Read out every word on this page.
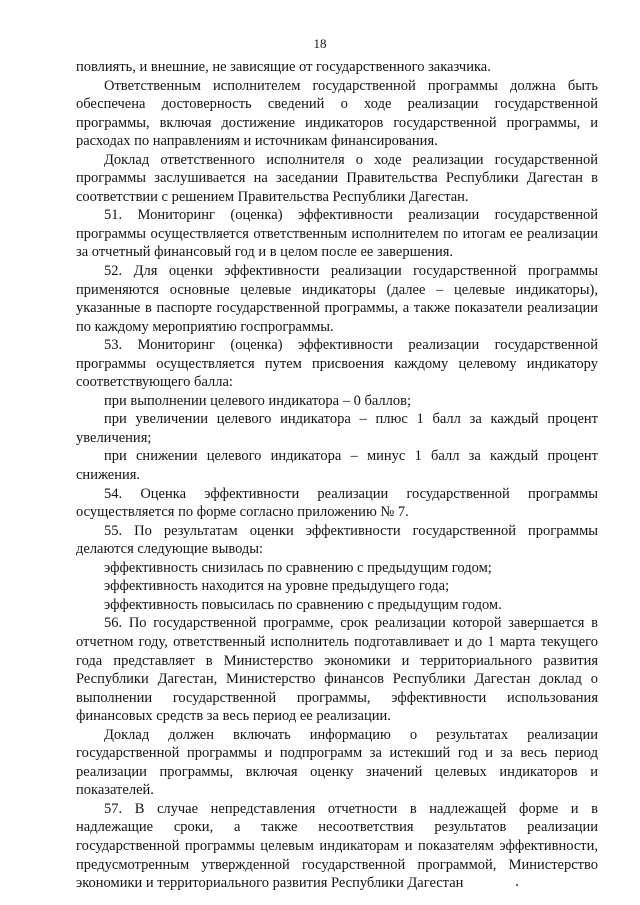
18

повлиять, и внешние, не зависящие от государственного заказчика.

Ответственным исполнителем государственной программы должна быть обеспечена достоверность сведений о ходе реализации государственной программы, включая достижение индикаторов государственной программы, и расходах по направлениям и источникам финансирования.

Доклад ответственного исполнителя о ходе реализации государственной программы заслушивается на заседании Правительства Республики Дагестан в соответствии с решением Правительства Республики Дагестан.

51. Мониторинг (оценка) эффективности реализации государственной программы осуществляется ответственным исполнителем по итогам ее реализации за отчетный финансовый год и в целом после ее завершения.

52. Для оценки эффективности реализации государственной программы применяются основные целевые индикаторы (далее – целевые индикаторы), указанные в паспорте государственной программы, а также показатели реализации по каждому мероприятию госпрограммы.

53. Мониторинг (оценка) эффективности реализации государственной программы осуществляется путем присвоения каждому целевому индикатору соответствующего балла:

при выполнении целевого индикатора – 0 баллов;

при увеличении целевого индикатора – плюс 1 балл за каждый процент увеличения;

при снижении целевого индикатора – минус 1 балл за каждый процент снижения.

54. Оценка эффективности реализации государственной программы осуществляется по форме согласно приложению № 7.

55. По результатам оценки эффективности государственной программы делаются следующие выводы:

эффективность снизилась по сравнению с предыдущим годом;

эффективность находится на уровне предыдущего года;

эффективность повысилась по сравнению с предыдущим годом.

56. По государственной программе, срок реализации которой завершается в отчетном году, ответственный исполнитель подготавливает и до 1 марта текущего года представляет в Министерство экономики и территориального развития Республики Дагестан, Министерство финансов Республики Дагестан доклад о выполнении государственной программы, эффективности использования финансовых средств за весь период ее реализации.

Доклад должен включать информацию о результатах реализации государственной программы и подпрограмм за истекший год и за весь период реализации программы, включая оценку значений целевых индикаторов и показателей.

57. В случае непредставления отчетности в надлежащей форме и в надлежащие сроки, а также несоответствия результатов реализации государственной программы целевым индикаторам и показателям эффективности, предусмотренным утвержденной государственной программой, Министерство экономики и территориального развития Республики Дагестан
